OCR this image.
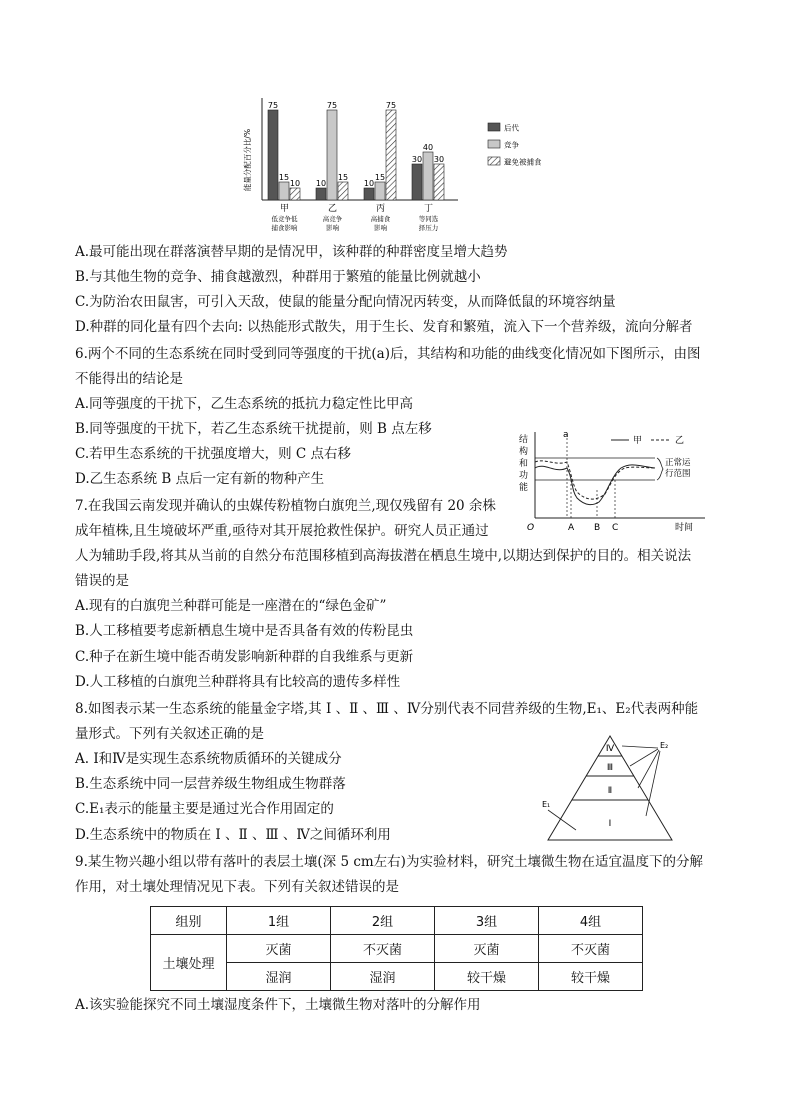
能量分配百分比/%
75
15
10 10
75
15
10
15
75
30
40
30
甲
低竞争低
捕食影响
乙
高竞争
影响
丙
高捕食
影响
丁
等同选
择压力
后代
竞争
避免被捕食
A.最可能出现在群落演替早期的是情况甲，该种群的种群密度呈增大趋势
B.与其他生物的竞争、捕食越激烈，种群用于繁殖的能量比例就越小
C.为防治农田鼠害，可引入天敌，使鼠的能量分配向情况丙转变，从而降低鼠的环境容纳量
D.种群的同化量有四个去向: 以热能形式散失，用于生长、发育和繁殖，流入下一个营养级，流向分解者
6.两个不同的生态系统在同时受到同等强度的干扰(a)后，其结构和功能的曲线变化情况如下图所示，由图
不能得出的结论是
A.同等强度的干扰下，乙生态系统的抵抗力稳定性比甲高
B.同等强度的干扰下，若乙生态系统干扰提前，则 B 点左移
C.若甲生态系统的干扰强度增大，则 C 点右移
D.乙生态系统 B 点后一定有新的物种产生
结
构
和
功
能
a
甲	乙
正常运
行范围
O	A B C	时间
7.在我国云南发现并确认的虫媒传粉植物白旗兜兰,现仅残留有 20 余株
成年植株,且生境破坏严重,亟待对其开展抢救性保护。研究人员正通过
人为辅助手段,将其从当前的自然分布范围移植到高海拔潜在栖息生境中,以期达到保护的目的。相关说法
错误的是
A.现有的白旗兜兰种群可能是一座潜在的“绿色金矿”
B.人工移植要考虑新栖息生境中是否具备有效的传粉昆虫
C.种子在新生境中能否萌发影响新种群的自我维系与更新
D.人工移植的白旗兜兰种群将具有比较高的遗传多样性
8.如图表示某一生态系统的能量金字塔,其 Ⅰ 、Ⅱ 、Ⅲ 、Ⅳ分别代表不同营养级的生物,E₁、E₂代表两种能
量形式。下列有关叙述正确的是
A. Ⅰ和Ⅳ是实现生态系统物质循环的关键成分
B.生态系统中同一层营养级生物组成生物群落
C.E₁表示的能量主要是通过光合作用固定的
D.生态系统中的物质在 Ⅰ 、Ⅱ 、Ⅲ 、Ⅳ之间循环利用
Ⅳ
Ⅲ
Ⅱ
Ⅰ
E₂
E₁
9.某生物兴趣小组以带有落叶的表层土壤(深 5 cm左右)为实验材料，研究土壤微生物在适宜温度下的分解
作用，对土壤处理情况见下表。下列有关叙述错误的是
组别	1组	2组	3组	4组
土壤处理	灭菌	不灭菌	灭菌	不灭菌
	湿润	湿润	较干燥	较干燥
A.该实验能探究不同土壤湿度条件下，土壤微生物对落叶的分解作用
